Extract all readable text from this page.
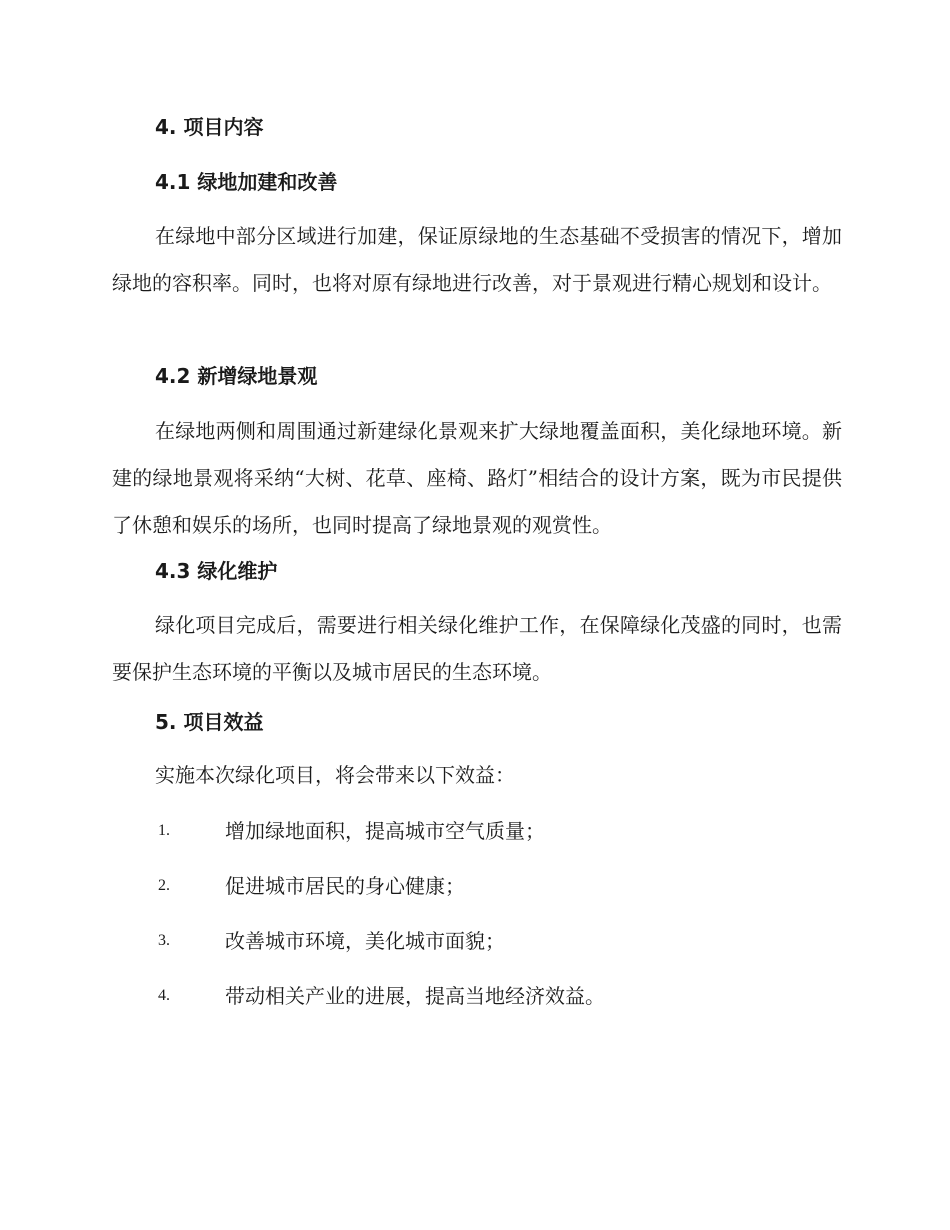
4. 项目内容
4.1 绿地加建和改善

在绿地中部分区域进行加建，保证原绿地的生态基础不受损害的情况下，增加绿地的容积率。同时，也将对原有绿地进行改善，对于景观进行精心规划和设计。

4.2 新增绿地景观

在绿地两侧和周围通过新建绿化景观来扩大绿地覆盖面积，美化绿地环境。新建的绿地景观将采纳“大树、花草、座椅、路灯”相结合的设计方案，既为市民提供了休憩和娱乐的场所，也同时提高了绿地景观的观赏性。

4.3 绿化维护

绿化项目完成后，需要进行相关绿化维护工作，在保障绿化茂盛的同时，也需要保护生态环境的平衡以及城市居民的生态环境。

5. 项目效益

实施本次绿化项目，将会带来以下效益：

1.	增加绿地面积，提高城市空气质量；
2.	促进城市居民的身心健康；
3.	改善城市环境，美化城市面貌；
4.	带动相关产业的进展，提高当地经济效益。
